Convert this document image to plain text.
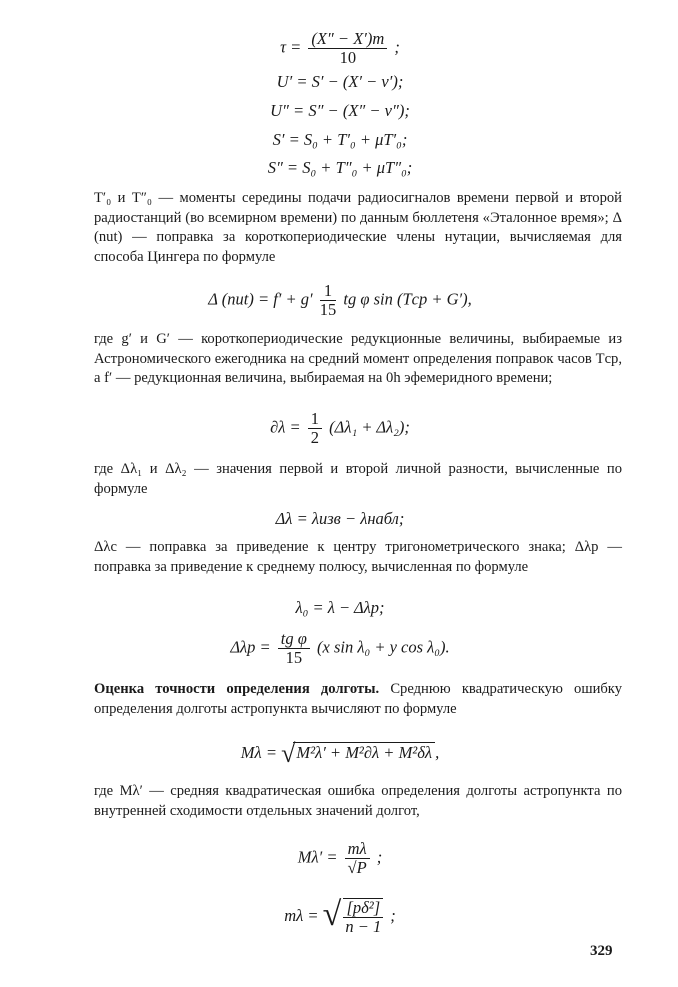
$\tau = \frac{(X'' - X')m}{10}$ ;
U′ = S′ − (X′ − v′);
U″ = S″ − (X″ − v″);
S′ = S₀ + T′₀ + μT′₀;
S″ = S₀ + T″₀ + μT″₀;

T′₀ и T″₀ — моменты середины подачи радиосигналов времени первой и второй радиостанций (во всемирном времени) по данным бюллетеня «Эталонное время»; Δ (nut) — поправка за короткопериодические члены нутации, вычисляемая для способа Цингера по формуле

Δ $(nut) = f' + g' \frac{1}{15}$ tg φ sin (Tср + G′),

где g′ и G′ — короткопериодические редукционные величины, выбираемые из Астрономического ежегодника на средний момент определения поправок часов Tср, а f′ — редукционная величина, выбираемая на 0h эфемеридного времени;

$\partial\lambda = \frac{1}{2} (\Delta\lambda_1 + \Delta\lambda_2)$;

где Δλ₁ и Δλ₂ — значения первой и второй личной разности, вычисленные по формуле

Δλ = λизв − λнабл;

Δλc — поправка за приведение к центру тригонометрического знака; Δλp — поправка за приведение к среднему полюсу, вычисленная по формуле

λ₀ = λ − Δλp;
$\Delta\lambda p = \frac{\text{tg φ}}{15} (x$ sin λ₀ + y cos λ₀).

Оценка точности определения долготы. Среднюю квадратическую ошибку определения долготы астропункта вычисляют по формуле

Mλ = √M²λ′ + M²∂λ + M²δλ ,

где Mλ′ — средняя квадратическая ошибка определения долготы астропункта по внутренней сходимости отдельных значений долгот,

$M\lambda' = \frac{m\lambda}{√P}$ ;
mλ = √ $\frac{\text{[pδ²]}}{n - 1}$ ;
329
